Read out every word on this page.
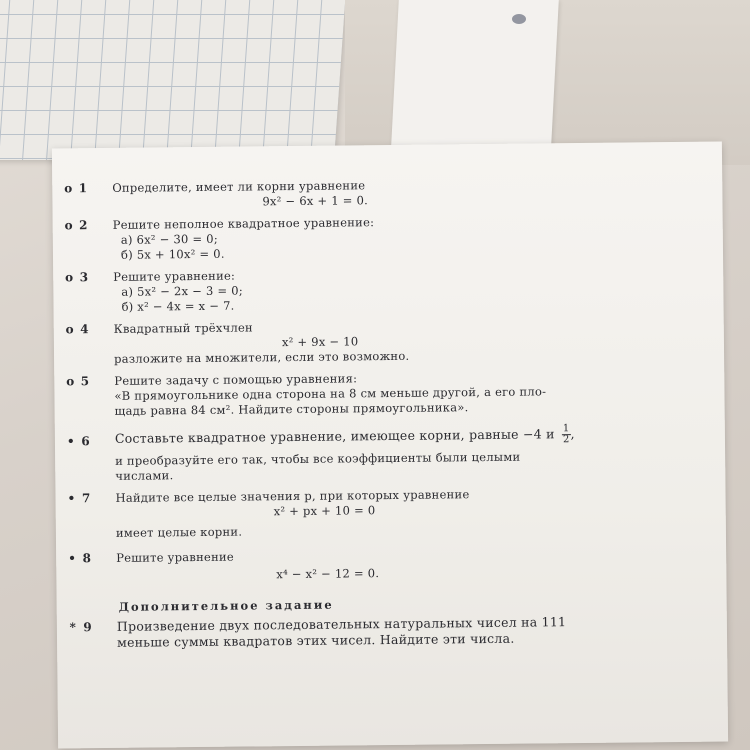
о 1	Определите, имеет ли корни уравнение
9x² − 6x + 1 = 0.
о 2	Решите неполное квадратное уравнение:
а) 6x² − 30 = 0;
б) 5x + 10x² = 0.
о 3	Решите уравнение:
а) 5x² − 2x − 3 = 0;
б) x² − 4x = x − 7.
о 4	Квадратный трёхчлен
x² + 9x − 10
разложите на множители, если это возможно.
о 5	Решите задачу с помощью уравнения:
«В прямоугольнике одна сторона на 8 см меньше другой, а его пло-
щадь равна 84 см². Найдите стороны прямоугольника».
• 6	Составьте квадратное уравнение, имеющее корни, равные −4 и $\frac{1}{2}$ ,
и преобразуйте его так, чтобы все коэффициенты были целыми
числами.
• 7	Найдите все целые значения p, при которых уравнение
x² + px + 10 = 0
имеет целые корни.
• 8	Решите уравнение
x⁴ − x² − 12 = 0.
Дополнительное задание
* 9	Произведение двух последовательных натуральных чисел на 111
меньше суммы квадратов этих чисел. Найдите эти числа.
